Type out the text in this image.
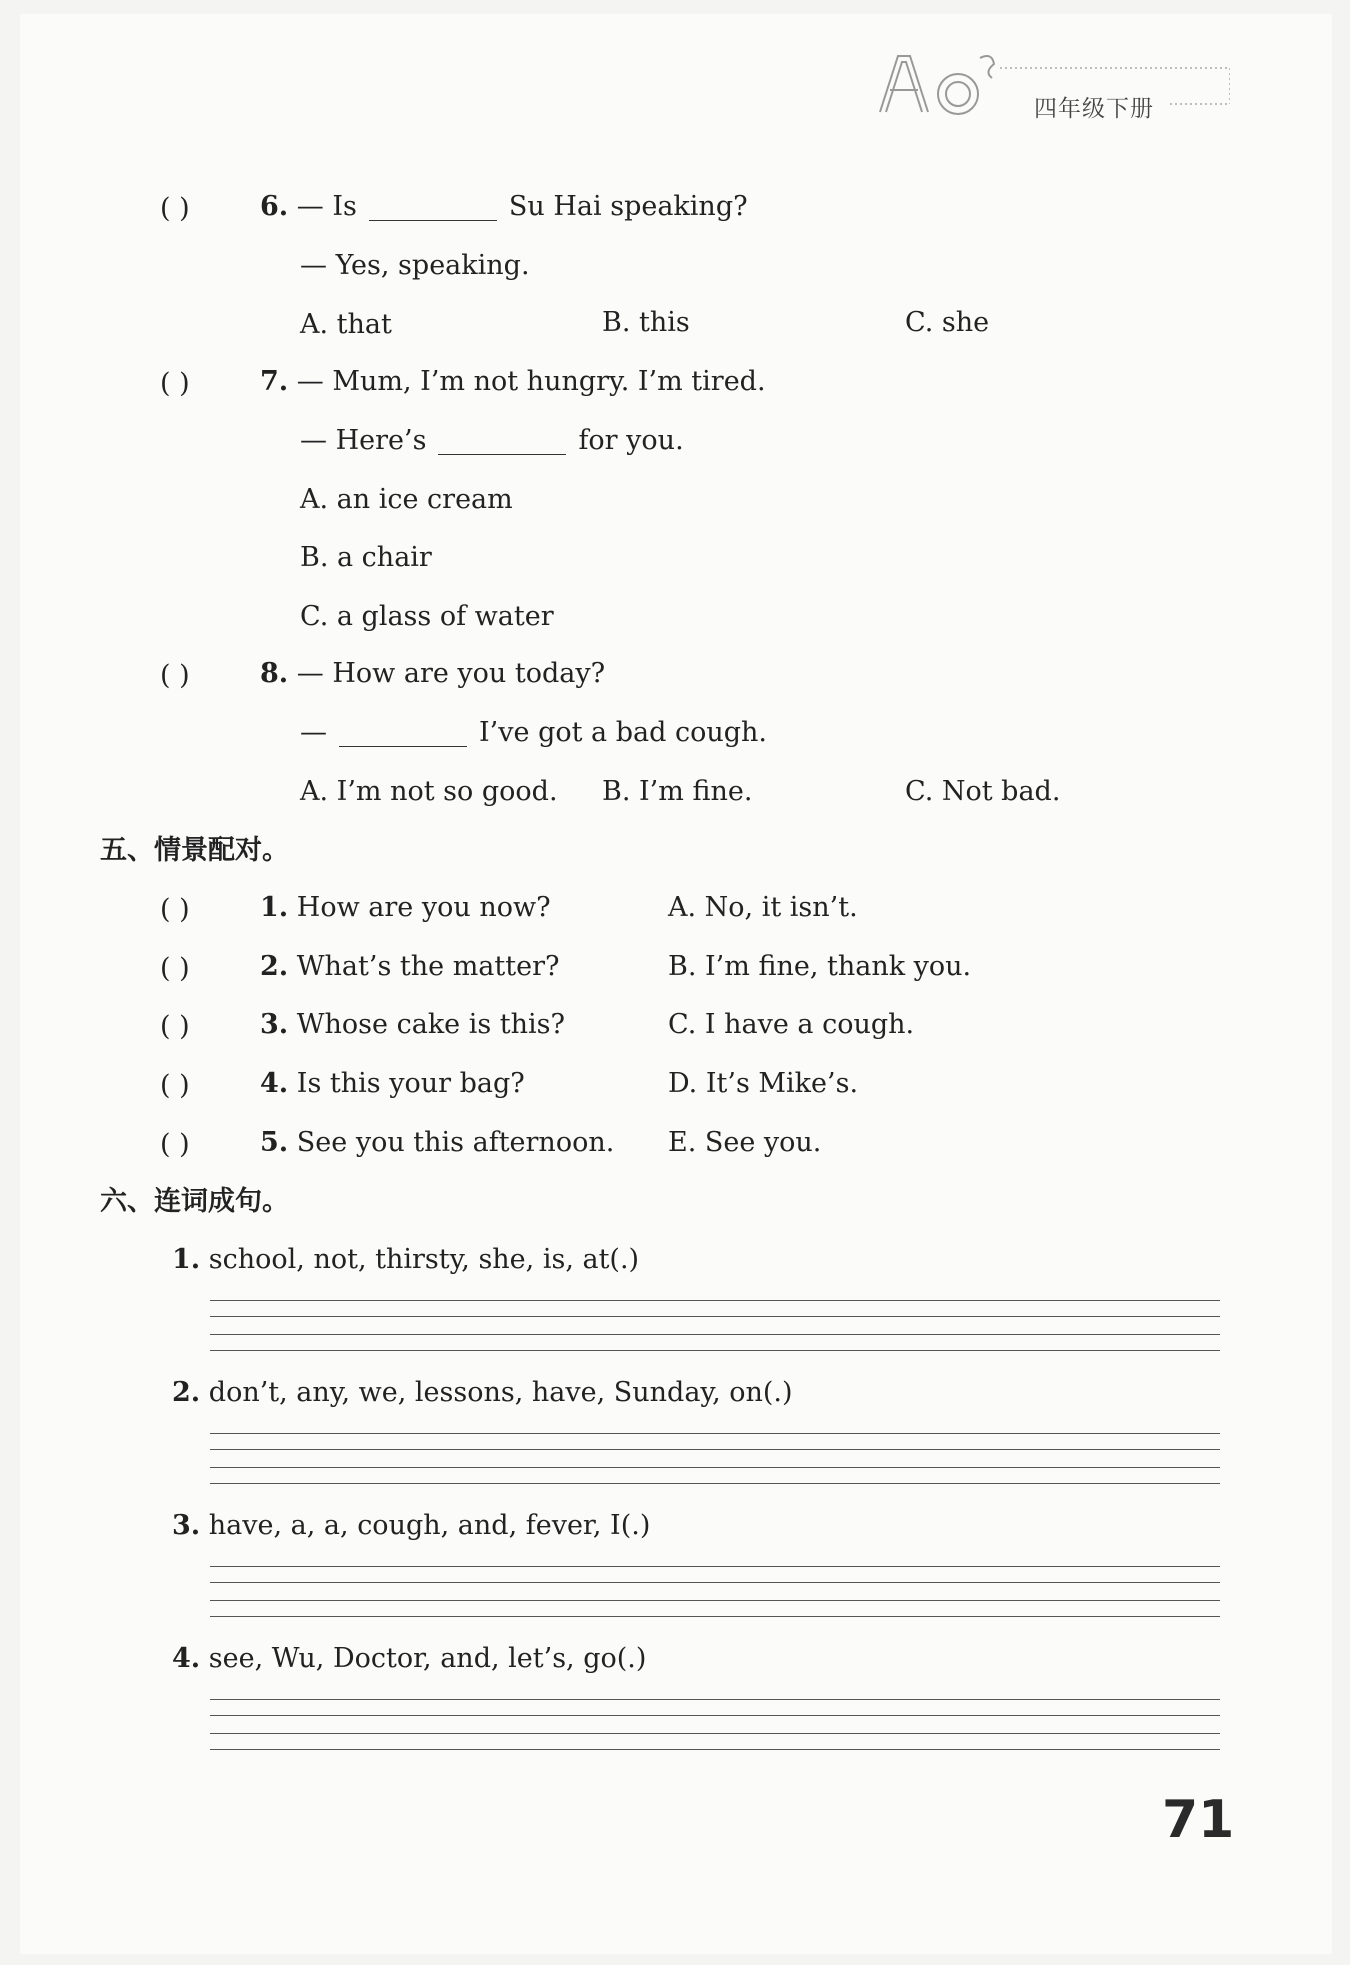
四年级下册
( )	6. — Is	Su Hai speaking?
— Yes, speaking.
A. that	B. this	C. she
( )	7. — Mum, I’m not hungry. I’m tired.
— Here’s	for you.
A. an ice cream
B. a chair
C. a glass of water
( )	8. — How are you today?
—	I’ve got a bad cough.
A. I’m not so good. B. I’m fine.	C. Not bad.
五、情景配对。
( )	1. How are you now?	A. No, it isn’t.
( )	2. What’s the matter?	B. I’m fine, thank you.
( )	3. Whose cake is this?	C. I have a cough.
( )	4. Is this your bag?	D. It’s Mike’s.
( )	5. See you this afternoon. E. See you.
六、连词成句。
1. school, not, thirsty, she, is, at(.)
2. don’t, any, we, lessons, have, Sunday, on(.)
3. have, a, a, cough, and, fever, I(.)
4. see, Wu, Doctor, and, let’s, go(.)
71
